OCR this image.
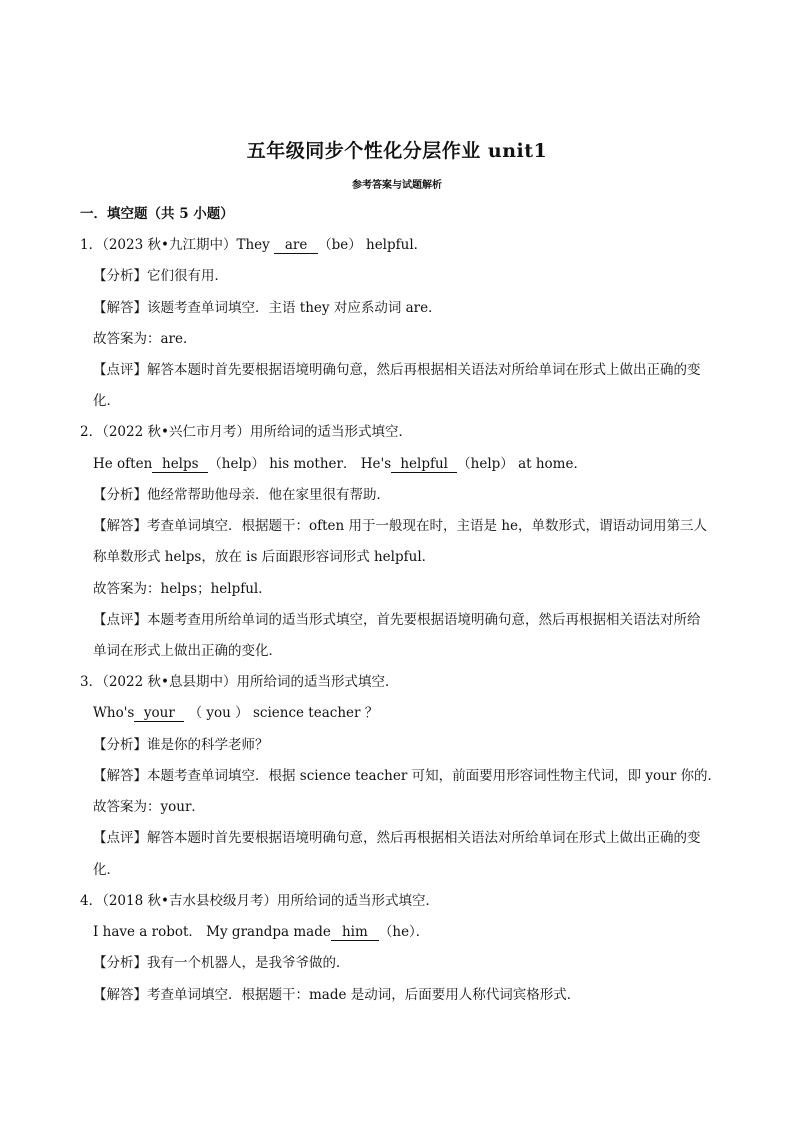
五年级同步个性化分层作业 unit1
参考答案与试题解析
一．填空题（共 5 小题）
1．（2023 秋•九江期中）They are （be） helpful．
【分析】它们很有用．
【解答】该题考查单词填空．主语 they 对应系动词 are．
故答案为：are．
【点评】解答本题时首先要根据语境明确句意，然后再根据相关语法对所给单词在形式上做出正确的变
化．
2．（2022 秋•兴仁市月考）用所给词的适当形式填空．
He often helps （help） his mother． He's helpful （help） at home．
【分析】他经常帮助他母亲．他在家里很有帮助．
【解答】考查单词填空．根据题干：often 用于一般现在时，主语是 he，单数形式，谓语动词用第三人
称单数形式 helps，放在 is 后面跟形容词形式 helpful．
故答案为：helps；helpful．
【点评】本题考查用所给单词的适当形式填空，首先要根据语境明确句意，然后再根据相关语法对所给
单词在形式上做出正确的变化．
3．（2022 秋•息县期中）用所给词的适当形式填空．
Who's your （ you ） science teacher ？
【分析】谁是你的科学老师？
【解答】本题考查单词填空．根据 science teacher 可知，前面要用形容词性物主代词，即 your 你的．
故答案为：your．
【点评】解答本题时首先要根据语境明确句意，然后再根据相关语法对所给单词在形式上做出正确的变
化．
4．（2018 秋•吉水县校级月考）用所给词的适当形式填空．
I have a robot． My grandpa made him （he）．
【分析】我有一个机器人，是我爷爷做的．
【解答】考查单词填空．根据题干：made 是动词，后面要用人称代词宾格形式．
